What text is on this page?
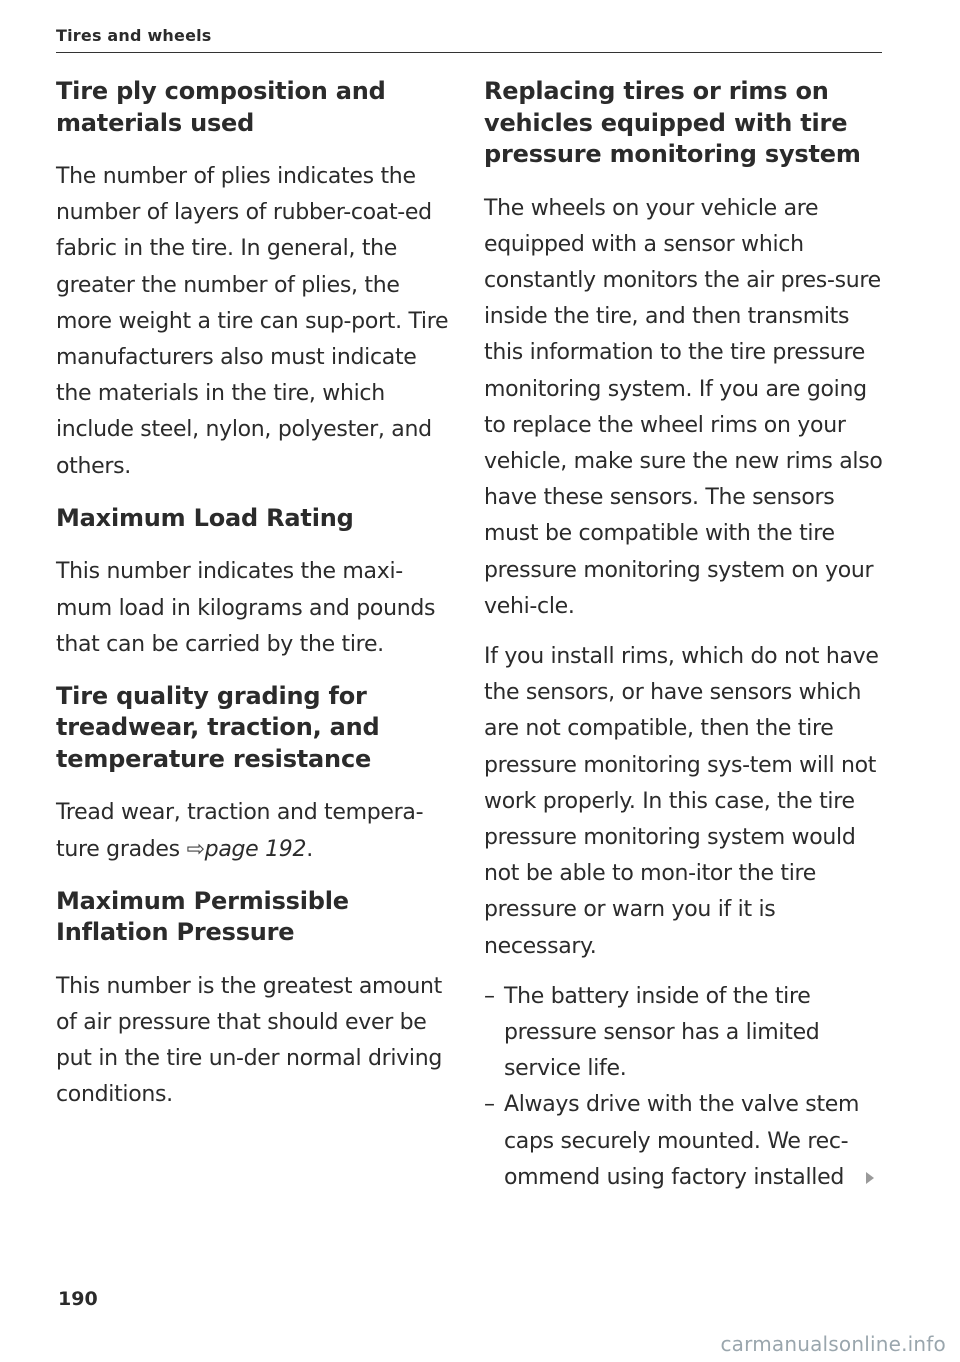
Tires and wheels
Tire ply composition and materials used

The number of plies indicates the number of layers of rubber-coat-ed fabric in the tire. In general, the greater the number of plies, the more weight a tire can sup-port. Tire manufacturers also must indicate the materials in the tire, which include steel, nylon, polyester, and others.

Maximum Load Rating

This number indicates the maxi-mum load in kilograms and pounds that can be carried by the tire.

Tire quality grading for treadwear, traction, and temperature resistance

Tread wear, traction and tempera-ture grades ⇨page 192.

Maximum Permissible Inflation Pressure

This number is the greatest amount of air pressure that should ever be put in the tire un-der normal driving conditions.

Replacing tires or rims on vehicles equipped with tire pressure monitoring system

The wheels on your vehicle are equipped with a sensor which constantly monitors the air pres-sure inside the tire, and then transmits this information to the tire pressure monitoring system. If you are going to replace the wheel rims on your vehicle, make sure the new rims also have these sensors. The sensors must be compatible with the tire pressure monitoring system on your vehi-cle.

If you install rims, which do not have the sensors, or have sensors which are not compatible, then the tire pressure monitoring sys-tem will not work properly. In this case, the tire pressure monitoring system would not be able to mon-itor the tire pressure or warn you if it is necessary.

– The battery inside of the tire pressure sensor has a limited service life.
– Always drive with the valve stem caps securely mounted. We rec-ommend using factory installed
190
carmanualsonline.info
